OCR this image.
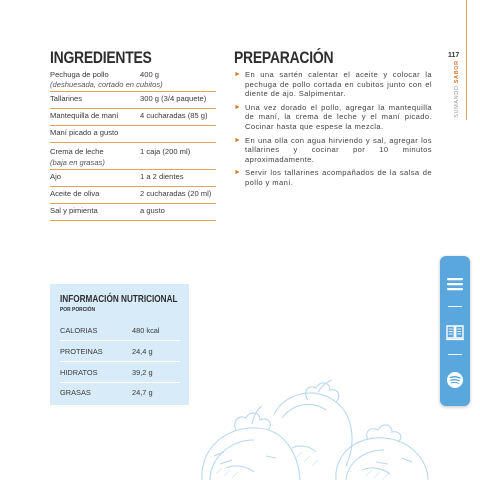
INGREDIENTES
Pechuga de pollo	400 g
(deshuesada, cortado en cubitos)
Tallarines	300 g (3/4 paquete)
Mantequilla de maní	4 cucharadas (85 g)
Maní picado a gusto
Crema de leche	1 caja (200 ml)
(baja en grasas)
Ajo	1 a 2 dientes
Aceite de oliva	2 cucharadas (20 ml)
Sal y pimienta	a gusto
PREPARACIÓN
► En una sartén calentar el aceite y colocar la pechuga de pollo cortada en cubitos junto con el diente de ajo. Salpimentar.
► Una vez dorado el pollo, agregar la mantequilla de maní, la crema de leche y el maní picado. Cocinar hasta que espese la mezcla.
► En una olla con agua hirviendo y sal, agregar los tallarines y cocinar por 10 minutos aproximadamente.
► Servir los tallarines acompañados de la salsa de pollo y maní.
117
SUMANDO SABOR
INFORMACIÓN NUTRICIONAL
POR PORCIÓN
CALORIAS	480 kcal
PROTEINAS	24,4 g
HIDRATOS	39,2 g
GRASAS	24,7 g
